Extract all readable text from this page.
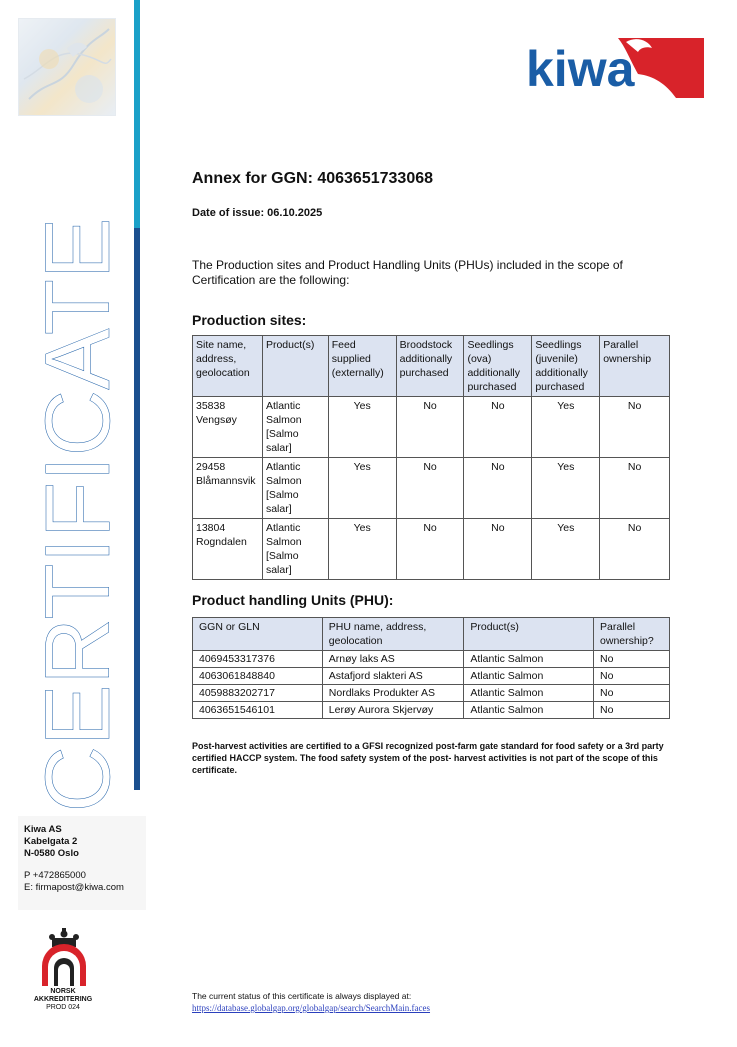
CERTIFICATE
kiwa
Annex for GGN: 4063651733068
Date of issue: 06.10.2025
The Production sites and Product Handling Units (PHUs) included in the scope of Certification are the following:
Production sites:
Site name, address, geolocation	Product(s)	Feed supplied (externally)	Broodstock additionally purchased	Seedlings (ova) additionally purchased	Seedlings (juvenile) additionally purchased	Parallel ownership
35838 Vengsøy	Atlantic Salmon [Salmo salar]	Yes	No	No	Yes	No
29458 Blåmannsvik	Atlantic Salmon [Salmo salar]	Yes	No	No	Yes	No
13804 Rogndalen	Atlantic Salmon [Salmo salar]	Yes	No	No	Yes	No
Product handling Units (PHU):
GGN or GLN	PHU name, address, geolocation	Product(s)	Parallel ownership?
4069453317376	Arnøy laks AS	Atlantic Salmon	No
4063061848840	Astafjord slakteri AS	Atlantic Salmon	No
4059883202717	Nordlaks Produkter AS	Atlantic Salmon	No
4063651546101	Lerøy Aurora Skjervøy	Atlantic Salmon	No
Post-harvest activities are certified to a GFSI recognized post-farm gate standard for food safety or a 3rd party certified HACCP system. The food safety system of the post- harvest activities is not part of the scope of this certificate.
Kiwa AS
Kabelgata 2
N-0580 Oslo

P +472865000
E: firmapost@kiwa.com
NORSK
AKKREDITERING
PROD 024
The current status of this certificate is always displayed at:
https://database.globalgap.org/globalgap/search/SearchMain.faces
